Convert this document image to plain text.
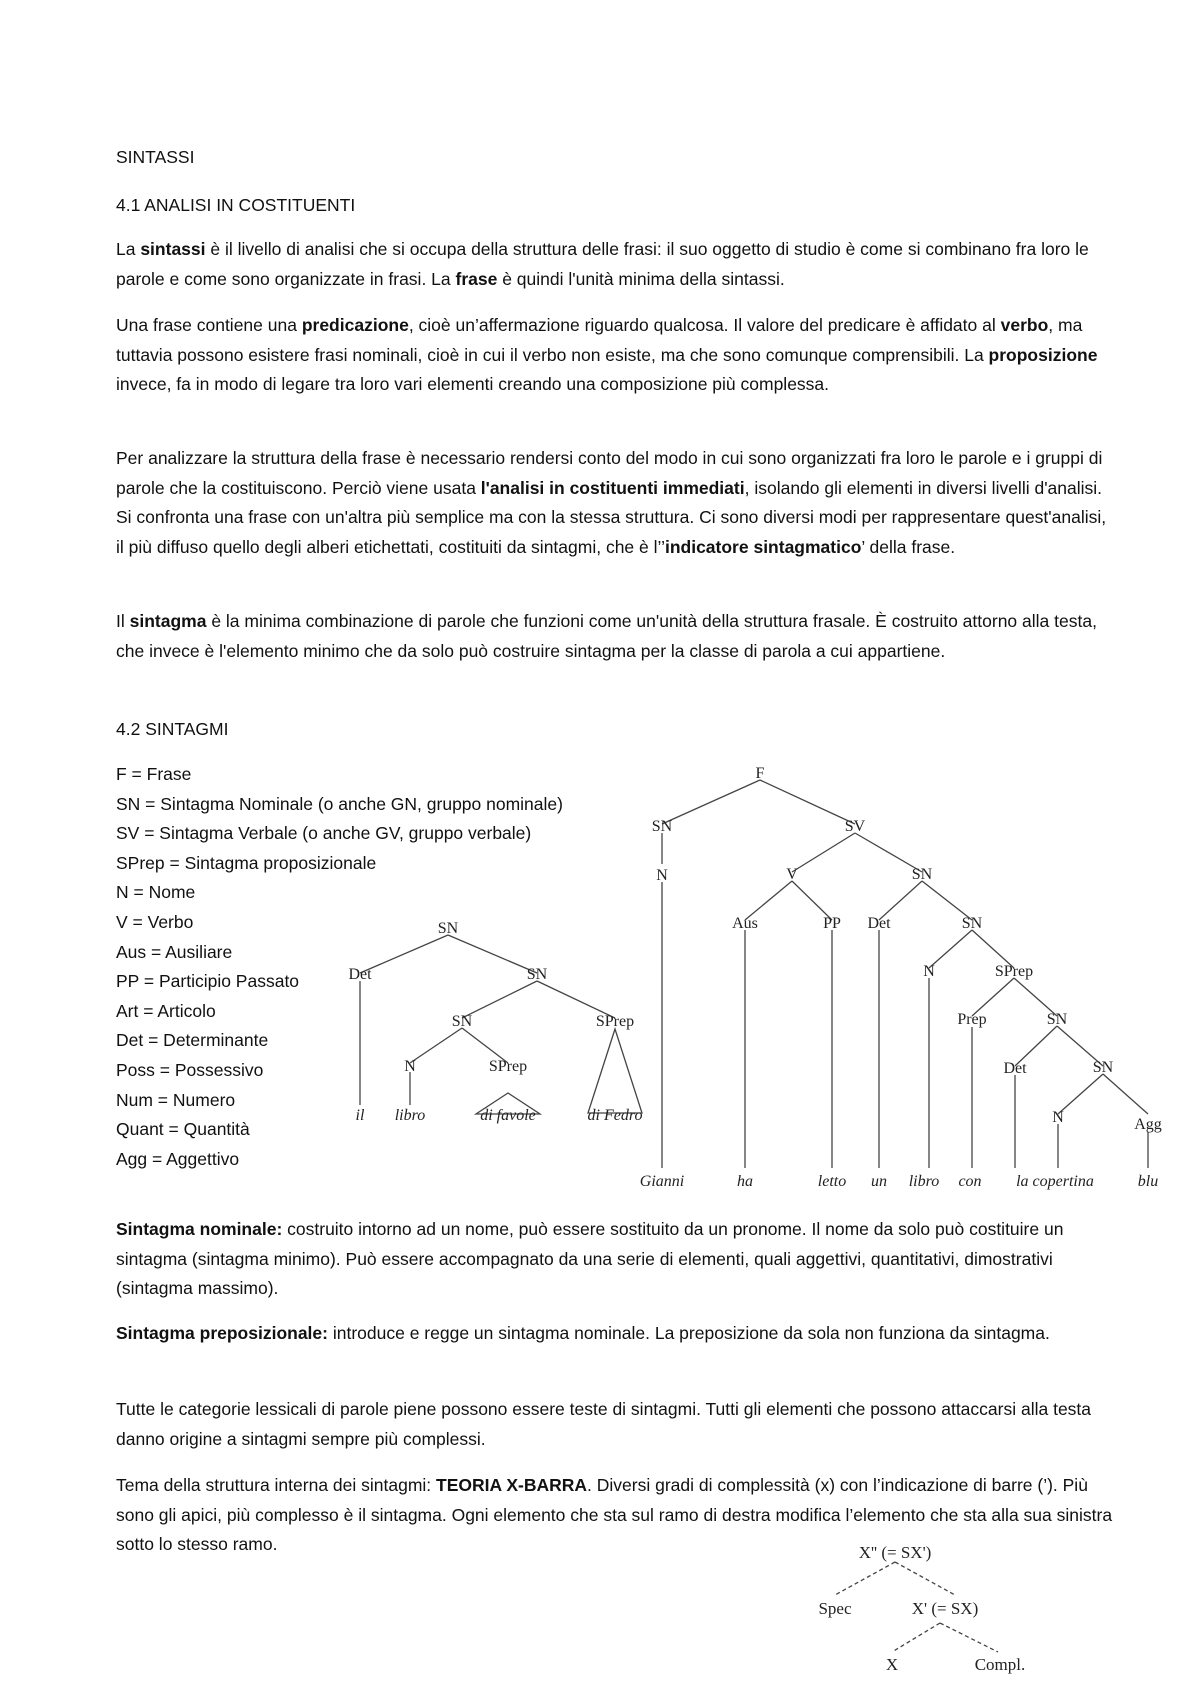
SINTASSI
4.1 ANALISI IN COSTITUENTI

La sintassi è il livello di analisi che si occupa della struttura delle frasi: il suo oggetto di studio è come si combinano fra loro le parole e come sono organizzate in frasi. La frase è quindi l'unità minima della sintassi.

Una frase contiene una predicazione, cioè un’affermazione riguardo qualcosa. Il valore del predicare è affidato al verbo, ma tuttavia possono esistere frasi nominali, cioè in cui il verbo non esiste, ma che sono comunque comprensibili. La proposizione invece, fa in modo di legare tra loro vari elementi creando una composizione più complessa.

Per analizzare la struttura della frase è necessario rendersi conto del modo in cui sono organizzati fra loro le parole e i gruppi di parole che la costituiscono. Perciò viene usata l'analisi in costituenti immediati, isolando gli elementi in diversi livelli d'analisi. Si confronta una frase con un'altra più semplice ma con la stessa struttura. Ci sono diversi modi per rappresentare quest'analisi, il più diffuso quello degli alberi etichettati, costituiti da sintagmi, che è l’’indicatore sintagmatico’ della frase.

Il sintagma è la minima combinazione di parole che funzioni come un'unità della struttura frasale. È costruito attorno alla testa, che invece è l'elemento minimo che da solo può costruire sintagma per la classe di parola a cui appartiene.

4.2 SINTAGMI
F = Frase
SN = Sintagma Nominale (o anche GN, gruppo nominale)
SV = Sintagma Verbale (o anche GV, gruppo verbale)
SPrep = Sintagma proposizionale
N = Nome
V = Verbo
Aus = Ausiliare
PP = Participio Passato
Art = Articolo
Det = Determinante
Poss = Possessivo
Num = Numero
Quant = Quantità
Agg = Aggettivo
SN
Det	SN
SN	SPrep
N	SPrep
il libro	di favole	di Fedro
F
SN
N
SV
V	SN
Aus	PP Det	SN
N	SPrep
Prep	SN
Det	SN
N	Agg
Gianni	ha	letto un libro con la copertina	blu

Sintagma nominale: costruito intorno ad un nome, può essere sostituito da un pronome. Il nome da solo può costituire un sintagma (sintagma minimo). Può essere accompagnato da una serie di elementi, quali aggettivi, quantitativi, dimostrativi (sintagma massimo).

Sintagma preposizionale: introduce e regge un sintagma nominale. La preposizione da sola non funziona da sintagma.

Tutte le categorie lessicali di parole piene possono essere teste di sintagmi. Tutti gli elementi che possono attaccarsi alla testa danno origine a sintagmi sempre più complessi.

Tema della struttura interna dei sintagmi: TEORIA X-BARRA. Diversi gradi di complessità (x) con l’indicazione di barre (’). Più sono gli apici, più complesso è il sintagma. Ogni elemento che sta sul ramo di destra modifica l’elemento che sta alla sua sinistra sotto lo stesso ramo.	X'' (= SX')
Spec	X' (= SX)
X	Compl.
